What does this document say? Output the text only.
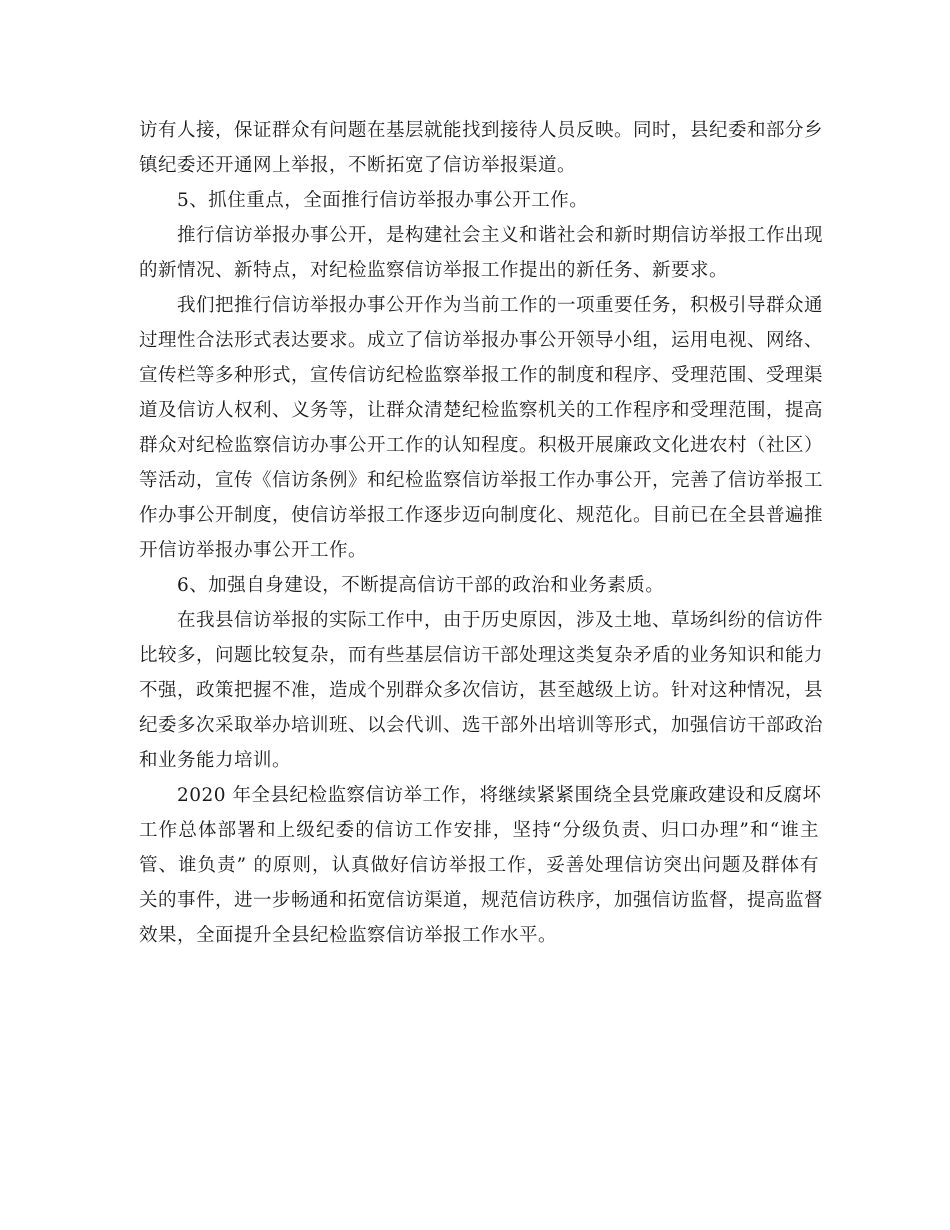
访有人接，保证群众有问题在基层就能找到接待人员反映。同时，县纪委和部分乡
镇纪委还开通网上举报，不断拓宽了信访举报渠道。
5、抓住重点，全面推行信访举报办事公开工作。
推行信访举报办事公开，是构建社会主义和谐社会和新时期信访举报工作出现
的新情况、新特点，对纪检监察信访举报工作提出的新任务、新要求。
我们把推行信访举报办事公开作为当前工作的一项重要任务，积极引导群众通
过理性合法形式表达要求。成立了信访举报办事公开领导小组，运用电视、网络、
宣传栏等多种形式，宣传信访纪检监察举报工作的制度和程序、受理范围、受理渠
道及信访人权利、义务等，让群众清楚纪检监察机关的工作程序和受理范围，提高
群众对纪检监察信访办事公开工作的认知程度。积极开展廉政文化进农村（社区）
等活动，宣传《信访条例》和纪检监察信访举报工作办事公开，完善了信访举报工
作办事公开制度，使信访举报工作逐步迈向制度化、规范化。目前已在全县普遍推
开信访举报办事公开工作。
6、加强自身建设，不断提高信访干部的政治和业务素质。
在我县信访举报的实际工作中，由于历史原因，涉及土地、草场纠纷的信访件
比较多，问题比较复杂，而有些基层信访干部处理这类复杂矛盾的业务知识和能力
不强，政策把握不准，造成个别群众多次信访，甚至越级上访。针对这种情况，县
纪委多次采取举办培训班、以会代训、选干部外出培训等形式，加强信访干部政治
和业务能力培训。
2020 年全县纪检监察信访举工作，将继续紧紧围绕全县党廉政建设和反腐坏
工作总体部署和上级纪委的信访工作安排，坚持“分级负责、归口办理”和“谁主
管、谁负责” 的原则，认真做好信访举报工作，妥善处理信访突出问题及群体有
关的事件，进一步畅通和拓宽信访渠道，规范信访秩序，加强信访监督，提高监督
效果，全面提升全县纪检监察信访举报工作水平。
